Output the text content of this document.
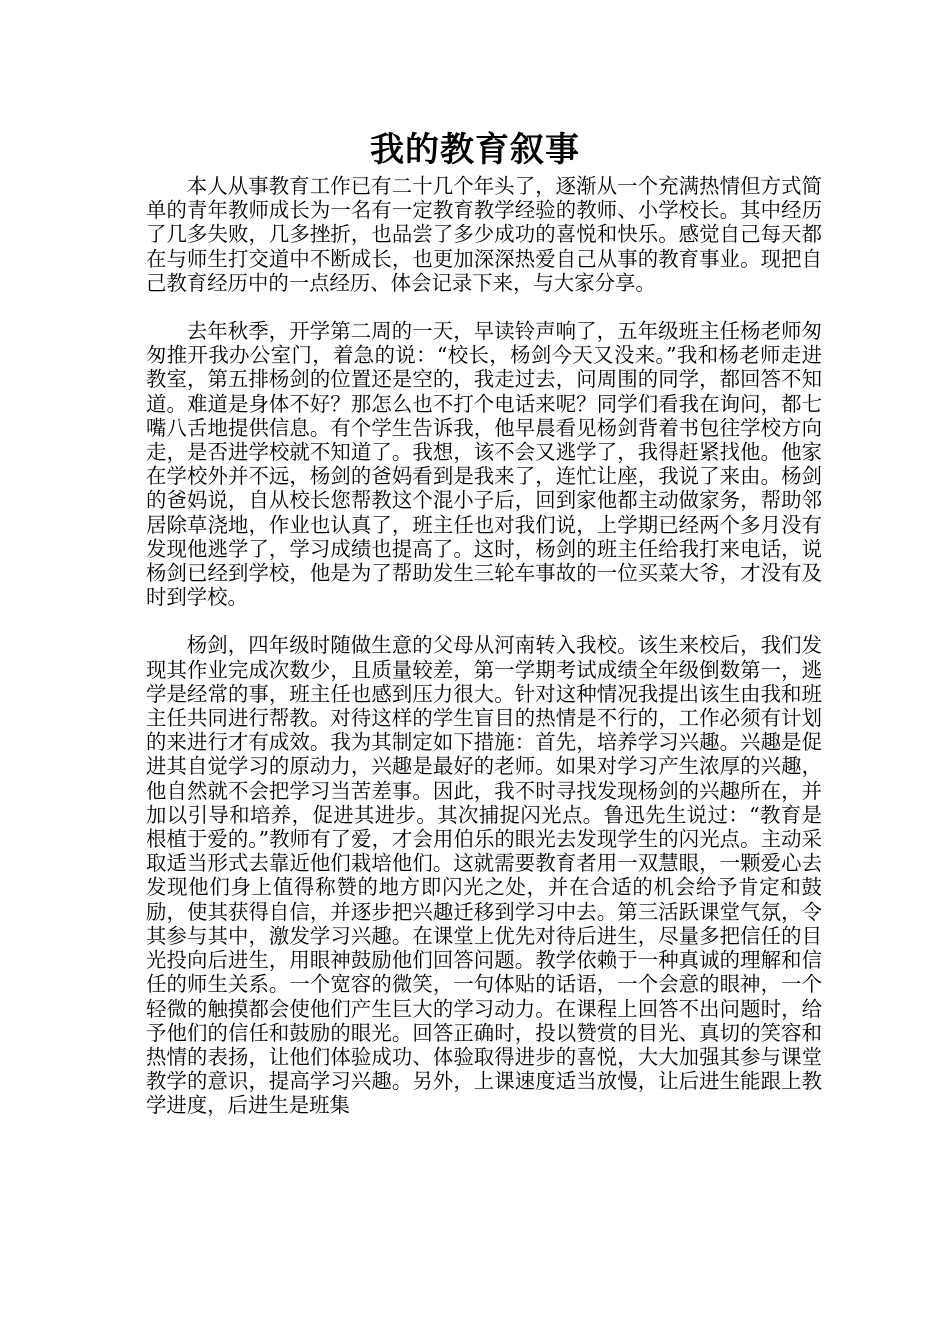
我的教育叙事

本人从事教育工作已有二十几个年头了，逐渐从一个充满热情但方式简单的青年教师成长为一名有一定教育教学经验的教师、小学校长。其中经历了几多失败，几多挫折，也品尝了多少成功的喜悦和快乐。感觉自己每天都在与师生打交道中不断成长，也更加深深热爱自己从事的教育事业。现把自己教育经历中的一点经历、体会记录下来，与大家分享。

去年秋季，开学第二周的一天，早读铃声响了，五年级班主任杨老师匆匆推开我办公室门，着急的说：“校长，杨剑今天又没来。”我和杨老师走进教室，第五排杨剑的位置还是空的，我走过去，问周围的同学，都回答不知道。难道是身体不好？那怎么也不打个电话来呢？同学们看我在询问，都七嘴八舌地提供信息。有个学生告诉我，他早晨看见杨剑背着书包往学校方向走，是否进学校就不知道了。我想，该不会又逃学了，我得赶紧找他。他家在学校外并不远，杨剑的爸妈看到是我来了，连忙让座，我说了来由。杨剑的爸妈说，自从校长您帮教这个混小子后，回到家他都主动做家务，帮助邻居除草浇地，作业也认真了，班主任也对我们说，上学期已经两个多月没有发现他逃学了，学习成绩也提高了。这时，杨剑的班主任给我打来电话，说杨剑已经到学校，他是为了帮助发生三轮车事故的一位买菜大爷，才没有及时到学校。

杨剑，四年级时随做生意的父母从河南转入我校。该生来校后，我们发现其作业完成次数少，且质量较差，第一学期考试成绩全年级倒数第一，逃学是经常的事，班主任也感到压力很大。针对这种情况我提出该生由我和班主任共同进行帮教。对待这样的学生盲目的热情是不行的，工作必须有计划的来进行才有成效。我为其制定如下措施：首先，培养学习兴趣。兴趣是促进其自觉学习的原动力，兴趣是最好的老师。如果对学习产生浓厚的兴趣，他自然就不会把学习当苦差事。因此，我不时寻找发现杨剑的兴趣所在，并加以引导和培养，促进其进步。其次捕捉闪光点。鲁迅先生说过：“教育是根植于爱的。”教师有了爱，才会用伯乐的眼光去发现学生的闪光点。主动采取适当形式去靠近他们栽培他们。这就需要教育者用一双慧眼，一颗爱心去发现他们身上值得称赞的地方即闪光之处，并在合适的机会给予肯定和鼓励，使其获得自信，并逐步把兴趣迁移到学习中去。第三活跃课堂气氛，令其参与其中，激发学习兴趣。在课堂上优先对待后进生，尽量多把信任的目光投向后进生，用眼神鼓励他们回答问题。教学依赖于一种真诚的理解和信任的师生关系。一个宽容的微笑，一句体贴的话语，一个会意的眼神，一个轻微的触摸都会使他们产生巨大的学习动力。在课程上回答不出问题时，给予他们的信任和鼓励的眼光。回答正确时，投以赞赏的目光、真切的笑容和热情的表扬，让他们体验成功、体验取得进步的喜悦，大大加强其参与课堂教学的意识，提高学习兴趣。另外，上课速度适当放慢，让后进生能跟上教学进度，后进生是班集
